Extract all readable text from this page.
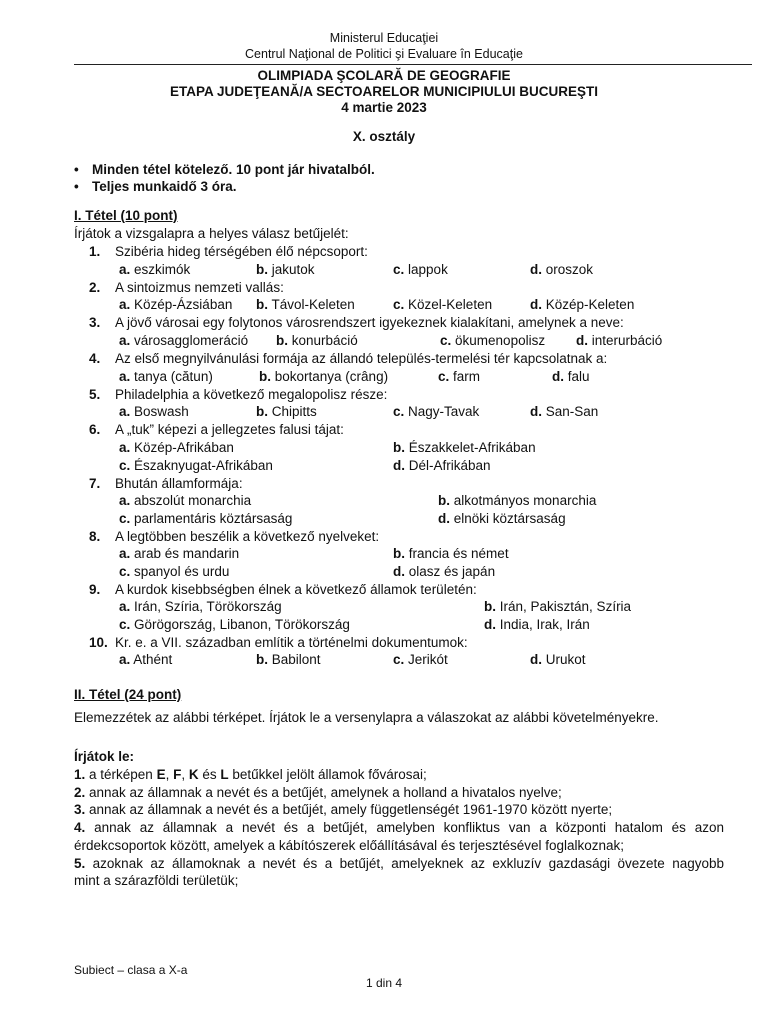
Ministerul Educaţiei
Centrul Naţional de Politici şi Evaluare în Educaţie
OLIMPIADA ŞCOLARĂ DE GEOGRAFIE
ETAPA JUDEŢEANĂ/A SECTOARELOR MUNICIPIULUI BUCUREŞTI
4 martie 2023
X. osztály
• Minden tétel kötelező. 10 pont jár hivatalból.
• Teljes munkaidő 3 óra.
I. Tétel (10 pont)
Írjátok a vizsgalapra a helyes válasz betűjelét:
1. Szibéria hideg térségében élő népcsoport:
a. eszkimók	b. jakutok	c. lappok	d. oroszok
2. A sintoizmus nemzeti vallás:
a. Közép-Ázsiában b. Távol-Keleten	c. Közel-Keleten	d. Közép-Keleten
3. A jövő városai egy folytonos városrendszert igyekeznek kialakítani, amelynek a neve:
a. városagglomeráció b. konurbáció	c. ökumenopolisz d. interurbáció
4. Az első megnyilvánulási formája az állandó település-termelési tér kapcsolatnak a:
a. tanya (cătun)	b. bokortanya (crâng)	c. farm	d. falu
5. Philadelphia a következő megalopolisz része:
a. Boswash	b. Chipitts	c. Nagy-Tavak	d. San-San
6. A „tuk” képezi a jellegzetes falusi tájat:
a. Közép-Afrikában	b. Északkelet-Afrikában
c. Északnyugat-Afrikában	d. Dél-Afrikában
7. Bhután államformája:
a. abszolút monarchia	b. alkotmányos monarchia
c. parlamentáris köztársaság	d. elnöki köztársaság
8. A legtöbben beszélik a következő nyelveket:
a. arab és mandarin	b. francia és német
c. spanyol és urdu	d. olasz és japán
9. A kurdok kisebbségben élnek a következő államok területén:
a. Irán, Szíria, Törökország	b. Irán, Pakisztán, Szíria
c. Görögország, Libanon, Törökország	d. India, Irak, Irán
10. Kr. e. a VII. században említik a történelmi dokumentumok:
a. Athént	b. Babilont	c. Jerikót	d. Urukot
II. Tétel (24 pont)
Elemezzétek az alábbi térképet. Írjátok le a versenylapra a válaszokat az alábbi követelményekre.
Írjátok le:
1. a térképen E, F, K és L betűkkel jelölt államok fővárosai;
2. annak az államnak a nevét és a betűjét, amelynek a holland a hivatalos nyelve;
3. annak az államnak a nevét és a betűjét, amely függetlenségét 1961-1970 között nyerte;
4. annak az államnak a nevét és a betűjét, amelyben konfliktus van a központi hatalom és azon
érdekcsoportok között, amelyek a kábítószerek előállításával és terjesztésével foglalkoznak;
5. azoknak az államoknak a nevét és a betűjét, amelyeknek az exkluzív gazdasági övezete nagyobb
mint a szárazföldi területük;
Subiect – clasa a X-a
1 din 4
